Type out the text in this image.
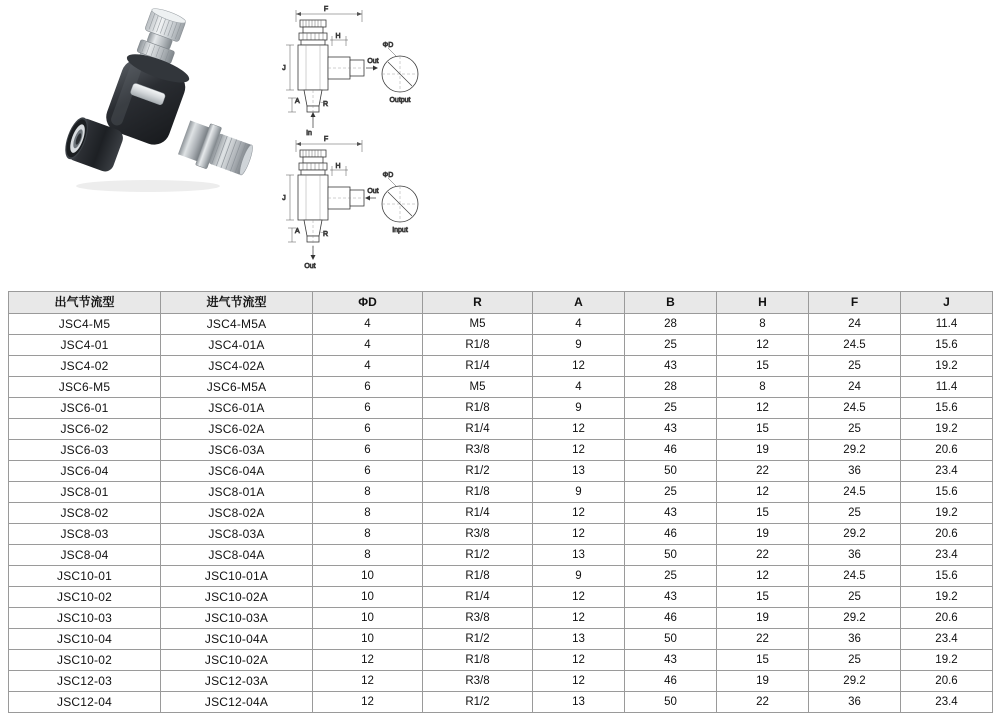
F
H
J
A	R
In
Out
ΦD
Output
F
H
J
A	R
Out
Out
ΦD
Input
出气节流型	进气节流型	ΦD	R	A	B	H	F	J
JSC4-M5	JSC4-M5A	4	M5	4	28	8	24	11.4
JSC4-01	JSC4-01A	4	R1/8	9	25	12	24.5	15.6
JSC4-02	JSC4-02A	4	R1/4	12	43	15	25	19.2
JSC6-M5	JSC6-M5A	6	M5	4	28	8	24	11.4
JSC6-01	JSC6-01A	6	R1/8	9	25	12	24.5	15.6
JSC6-02	JSC6-02A	6	R1/4	12	43	15	25	19.2
JSC6-03	JSC6-03A	6	R3/8	12	46	19	29.2	20.6
JSC6-04	JSC6-04A	6	R1/2	13	50	22	36	23.4
JSC8-01	JSC8-01A	8	R1/8	9	25	12	24.5	15.6
JSC8-02	JSC8-02A	8	R1/4	12	43	15	25	19.2
JSC8-03	JSC8-03A	8	R3/8	12	46	19	29.2	20.6
JSC8-04	JSC8-04A	8	R1/2	13	50	22	36	23.4
JSC10-01	JSC10-01A	10	R1/8	9	25	12	24.5	15.6
JSC10-02	JSC10-02A	10	R1/4	12	43	15	25	19.2
JSC10-03	JSC10-03A	10	R3/8	12	46	19	29.2	20.6
JSC10-04	JSC10-04A	10	R1/2	13	50	22	36	23.4
JSC10-02	JSC10-02A	12	R1/8	12	43	15	25	19.2
JSC12-03	JSC12-03A	12	R3/8	12	46	19	29.2	20.6
JSC12-04	JSC12-04A	12	R1/2	13	50	22	36	23.4
